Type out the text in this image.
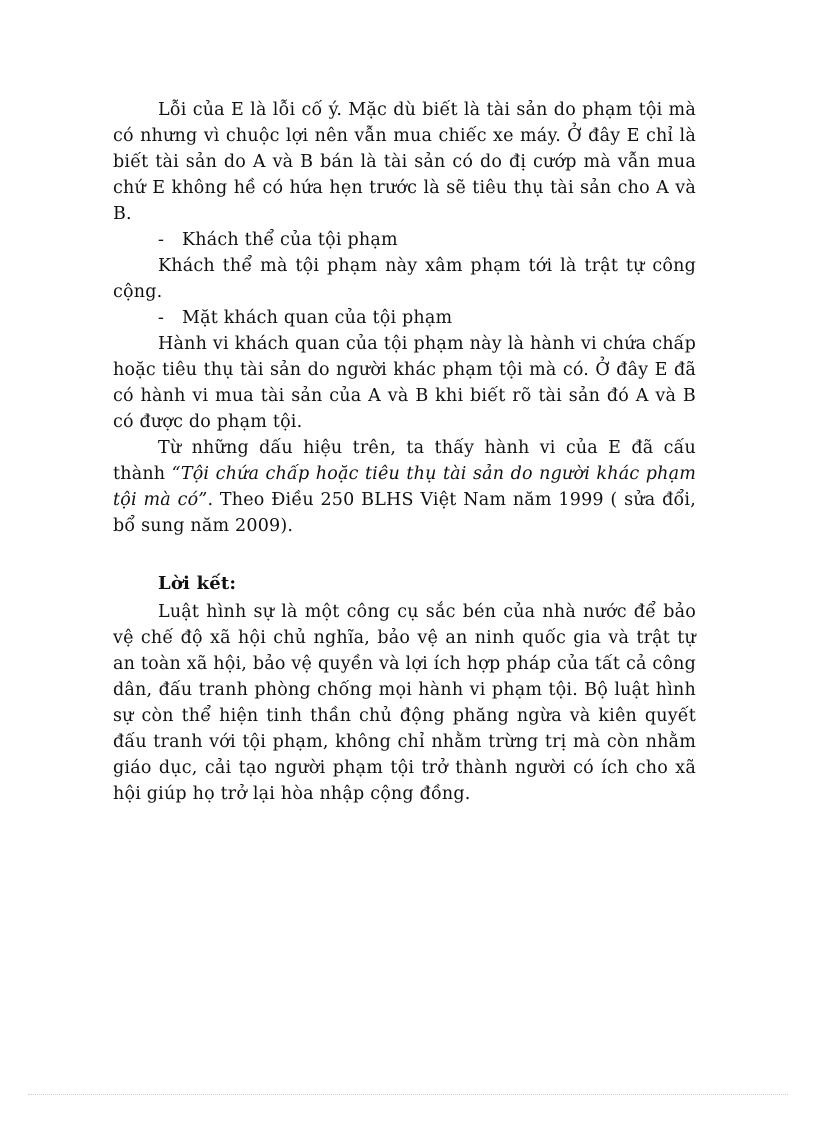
Lỗi của E là lỗi cố ý. Mặc dù biết là tài sản do phạm tội mà có nhưng vì chuộc lợi nên vẫn mua chiếc xe máy. Ở đây E chỉ là biết tài sản do A và B bán là tài sản có do đị cướp mà vẫn mua chứ E không hề có hứa hẹn trước là sẽ tiêu thụ tài sản cho A và B.

- Khách thể của tội phạm

Khách thể mà tội phạm này xâm phạm tới là trật tự công cộng.

- Mặt khách quan của tội phạm

Hành vi khách quan của tội phạm này là hành vi chứa chấp hoặc tiêu thụ tài sản do người khác phạm tội mà có. Ở đây E đã có hành vi mua tài sản của A và B khi biết rõ tài sản đó A và B có được do phạm tội.

Từ những dấu hiệu trên, ta thấy hành vi của E đã cấu thành “Tội chứa chấp hoặc tiêu thụ tài sản do người khác phạm tội mà có”. Theo Điều 250 BLHS Việt Nam năm 1999 ( sửa đổi, bổ sung năm 2009).

Lời kết:

Luật hình sự là một công cụ sắc bén của nhà nước để bảo vệ chế độ xã hội chủ nghĩa, bảo vệ an ninh quốc gia và trật tự an toàn xã hội, bảo vệ quyền và lợi ích hợp pháp của tất cả công dân, đấu tranh phòng chống mọi hành vi phạm tội. Bộ luật hình sự còn thể hiện tinh thần chủ động phăng ngừa và kiên quyết đấu tranh với tội phạm, không chỉ nhằm trừng trị mà còn nhằm giáo dục, cải tạo người phạm tội trở thành người có ích cho xã hội giúp họ trở lại hòa nhập cộng đồng.
